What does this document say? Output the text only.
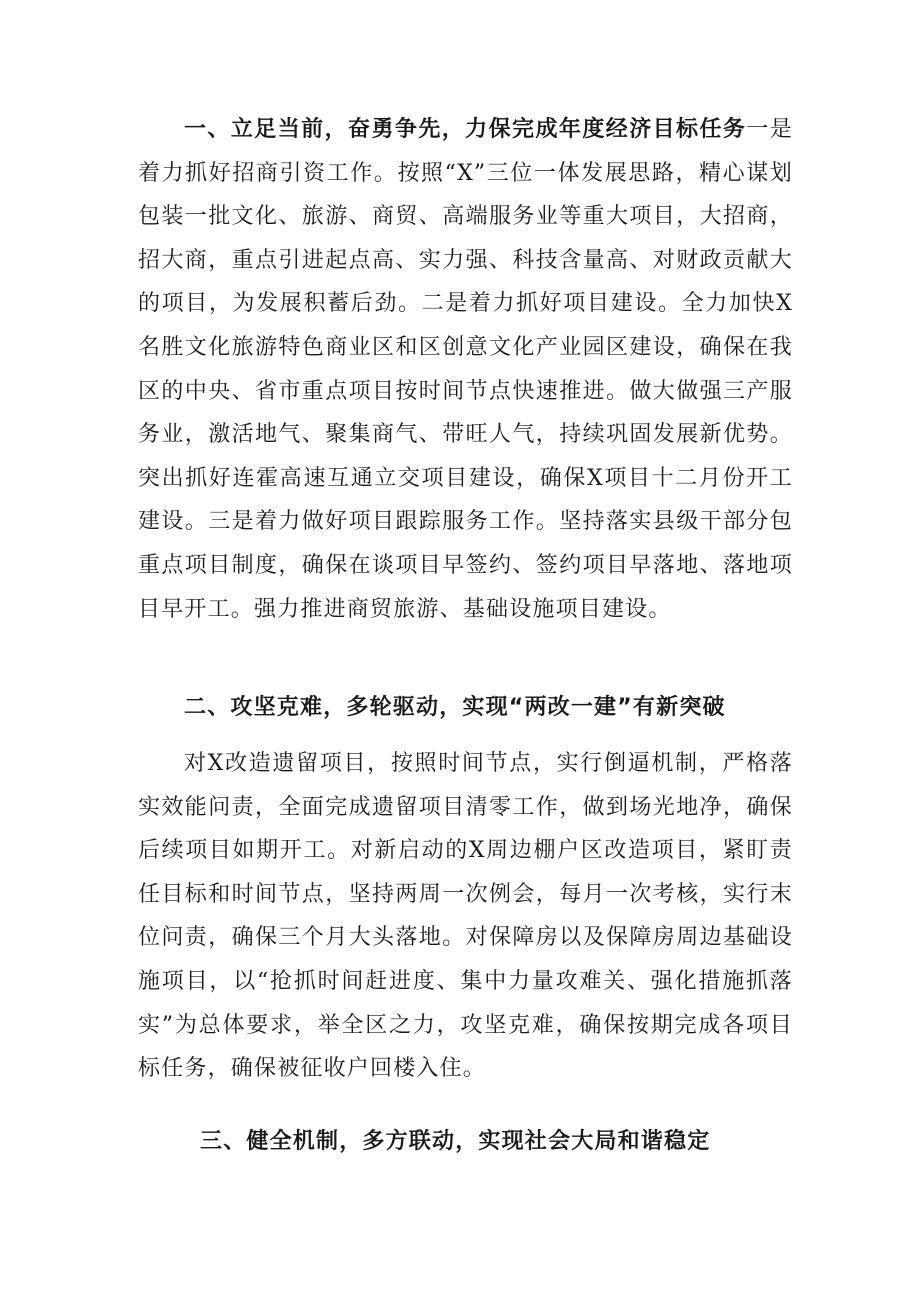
一、立足当前，奋勇争先，力保完成年度经济目标任务一是着力抓好招商引资工作。按照“X”三位一体发展思路，精心谋划包装一批文化、旅游、商贸、高端服务业等重大项目，大招商，招大商，重点引进起点高、实力强、科技含量高、对财政贡献大的项目，为发展积蓄后劲。二是着力抓好项目建设。全力加快X名胜文化旅游特色商业区和区创意文化产业园区建设，确保在我区的中央、省市重点项目按时间节点快速推进。做大做强三产服务业，激活地气、聚集商气、带旺人气，持续巩固发展新优势。突出抓好连霍高速互通立交项目建设，确保X项目十二月份开工建设。三是着力做好项目跟踪服务工作。坚持落实县级干部分包重点项目制度，确保在谈项目早签约、签约项目早落地、落地项目早开工。强力推进商贸旅游、基础设施项目建设。

二、攻坚克难，多轮驱动，实现“两改一建”有新突破

对X改造遗留项目，按照时间节点，实行倒逼机制，严格落实效能问责，全面完成遗留项目清零工作，做到场光地净，确保后续项目如期开工。对新启动的X周边棚户区改造项目，紧盯责任目标和时间节点，坚持两周一次例会，每月一次考核，实行末位问责，确保三个月大头落地。对保障房以及保障房周边基础设施项目，以“抢抓时间赶进度、集中力量攻难关、强化措施抓落实”为总体要求，举全区之力，攻坚克难，确保按期完成各项目标任务，确保被征收户回楼入住。

三、健全机制，多方联动，实现社会大局和谐稳定
